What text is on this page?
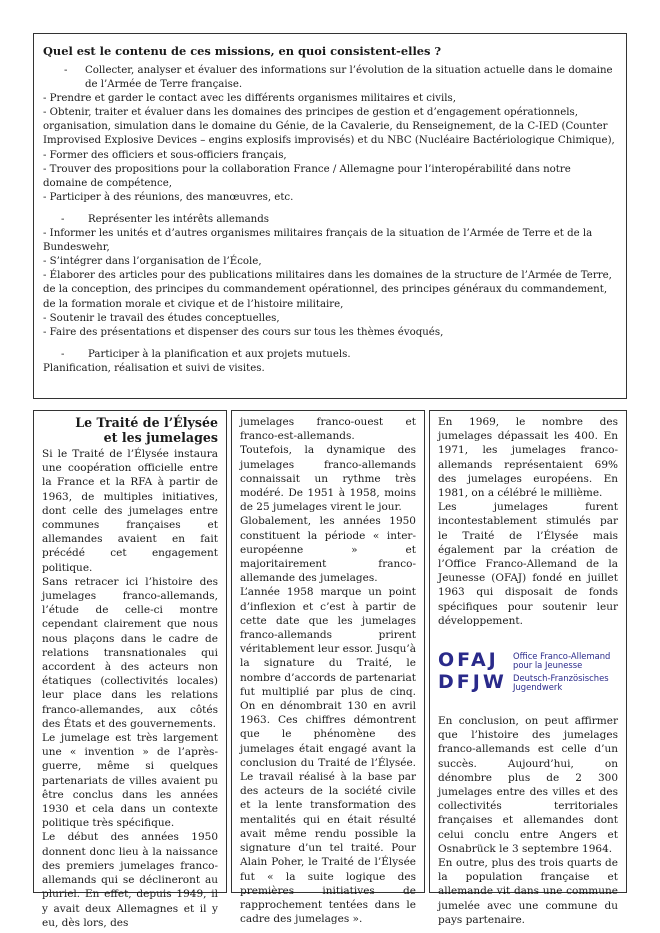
Quel est le contenu de ces missions, en quoi consistent-elles ?

- Collecter, analyser et évaluer des informations sur l’évolution de la situation actuelle dans le domaine de l’Armée de Terre française.

- Prendre et garder le contact avec les différents organismes militaires et civils,

- Obtenir, traiter et évaluer dans les domaines des principes de gestion et d’engagement opérationnels, organisation, simulation dans le domaine du Génie, de la Cavalerie, du Renseignement, de la C-IED (Counter Improvised Explosive Devices – engins explosifs improvisés) et du NBC (Nucléaire Bactériologique Chimique),

- Former des officiers et sous-officiers français,

- Trouver des propositions pour la collaboration France / Allemagne pour l’interopérabilité dans notre domaine de compétence,

- Participer à des réunions, des manœuvres, etc.

- Représenter les intérêts allemands

- Informer les unités et d’autres organismes militaires français de la situation de l’Armée de Terre et de la Bundeswehr,

- S’intégrer dans l’organisation de l’École,

- Élaborer des articles pour des publications militaires dans les domaines de la structure de l’Armée de Terre, de la conception, des principes du commandement opérationnel, des principes généraux du commandement, de la formation morale et civique et de l’histoire militaire,

- Soutenir le travail des études conceptuelles,

- Faire des présentations et dispenser des cours sur tous les thèmes évoqués,

- Participer à la planification et aux projets mutuels.

Planification, réalisation et suivi de visites.

Le Traité de l’Élysée
et les jumelages

Si le Traité de l’Élysée instaura une coopération officielle entre la France et la RFA à partir de 1963, de multiples initiatives, dont celle des jumelages entre communes françaises et allemandes avaient en fait précédé cet engagement politique.

Sans retracer ici l’histoire des jumelages franco-allemands, l’étude de celle-ci montre cependant clairement que nous nous plaçons dans le cadre de relations transnationales qui accordent à des acteurs non étatiques (collectivités locales) leur place dans les relations franco-allemandes, aux côtés des États et des gouvernements.

Le jumelage est très largement une « invention » de l’après-guerre, même si quelques partenariats de villes avaient pu être conclus dans les années 1930 et cela dans un contexte politique très spécifique.

Le début des années 1950 donnent donc lieu à la naissance des premiers jumelages franco-allemands qui se déclineront au pluriel. En effet, depuis 1949, il y avait deux Allemagnes et il y eu, dès lors, des

jumelages franco-ouest et franco-est-allemands.

Toutefois, la dynamique des jumelages franco-allemands connaissait un rythme très modéré. De 1951 à 1958, moins de 25 jumelages virent le jour.

Globalement, les années 1950 constituent la période « inter-européenne » et majoritairement franco-allemande des jumelages.

L’année 1958 marque un point d’inflexion et c’est à partir de cette date que les jumelages franco-allemands prirent véritablement leur essor. Jusqu’à la signature du Traité, le nombre d’accords de partenariat fut multiplié par plus de cinq. On en dénombrait 130 en avril 1963. Ces chiffres démontrent que le phénomène des jumelages était engagé avant la conclusion du Traité de l’Élysée. Le travail réalisé à la base par des acteurs de la société civile et la lente transformation des mentalités qui en était résulté avait même rendu possible la signature d’un tel traité. Pour Alain Poher, le Traité de l’Élysée fut « la suite logique des premières initiatives de rapprochement tentées dans le cadre des jumelages ».

En 1969, le nombre des jumelages dépassait les 400. En 1971, les jumelages franco-allemands représentaient 69% des jumelages européens. En 1981, on a célébré le millième.

Les jumelages furent incontestablement stimulés par le Traité de l’Élysée mais également par la création de l’Office Franco-Allemand de la Jeunesse (OFAJ) fondé en juillet 1963 qui disposait de fonds spécifiques pour soutenir leur développement.

OFAJ
DFJW
Office Franco-Allemand
pour la Jeunesse
Deutsch-Französisches
Jugendwerk

En conclusion, on peut affirmer que l’histoire des jumelages franco-allemands est celle d’un succès. Aujourd’hui, on dénombre plus de 2 300 jumelages entre des villes et des collectivités territoriales françaises et allemandes dont celui conclu entre Angers et Osnabrück le 3 septembre 1964.

En outre, plus des trois quarts de la population française et allemande vit dans une commune jumelée avec une commune du pays partenaire.
